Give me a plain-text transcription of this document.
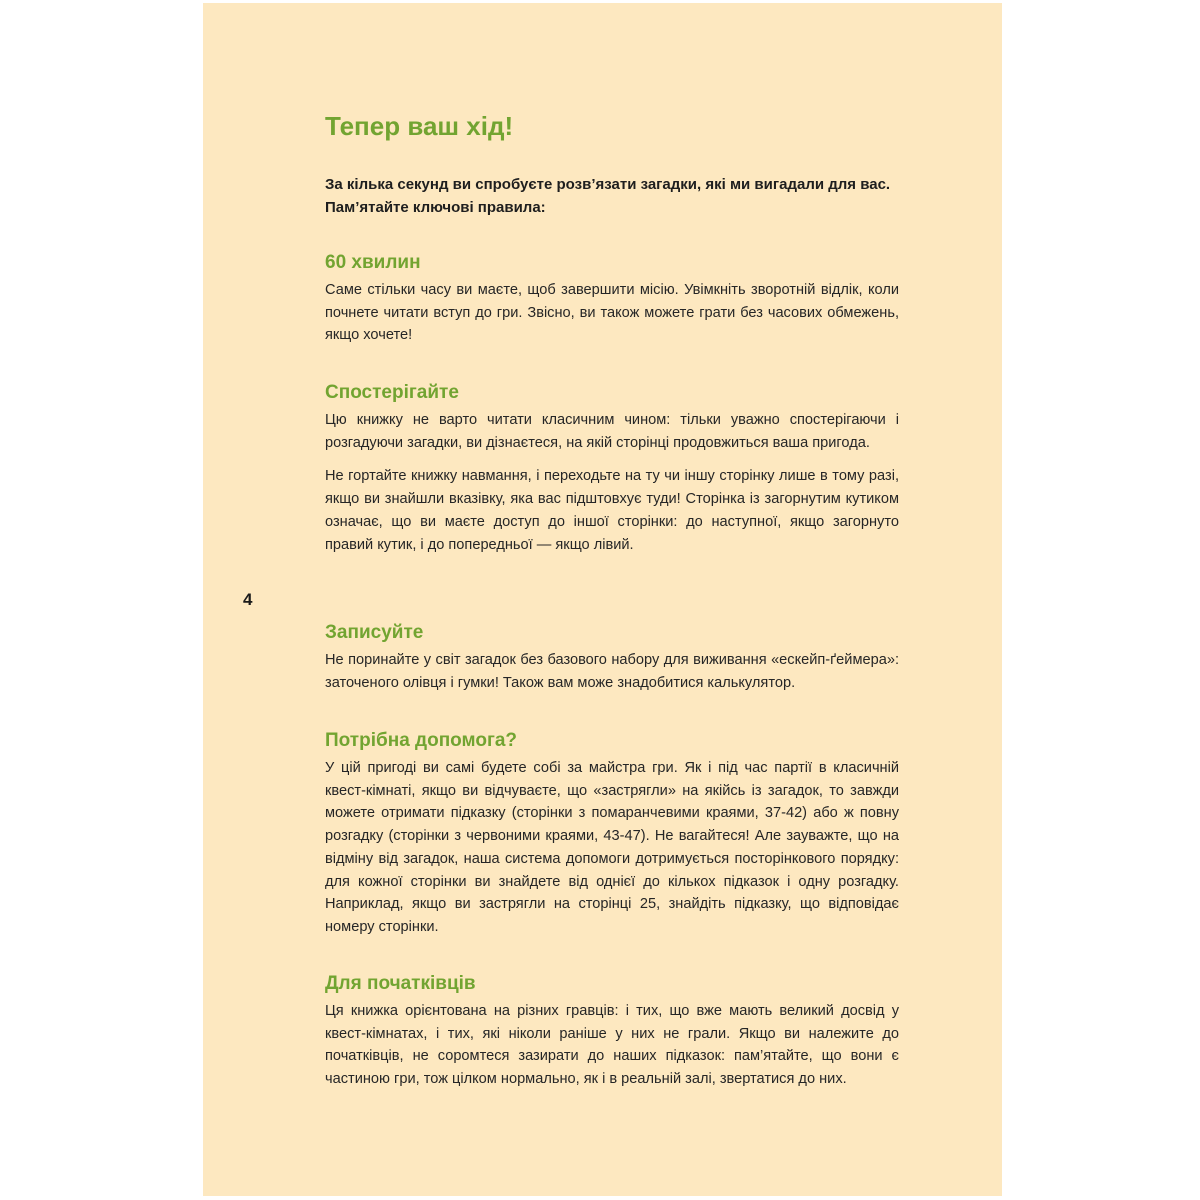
4
Тепер ваш хід!

За кілька секунд ви спробуєте розв’язати загадки, які ми вигадали для вас. Пам’ятайте ключові правила:

60 хвилин

Саме стільки часу ви маєте, щоб завершити місію. Увімкніть зворотній відлік, коли почнете читати вступ до гри. Звісно, ви також можете грати без часових обмежень, якщо хочете!

Спостерігайте

Цю книжку не варто читати класичним чином: тільки уважно спостерігаючи і розгадуючи загадки, ви дізнаєтеся, на якій сторінці продовжиться ваша пригода.

Не гортайте книжку навмання, і переходьте на ту чи іншу сторінку лише в тому разі, якщо ви знайшли вказівку, яка вас підштовхує туди! Сторінка із загорнутим кутиком означає, що ви маєте доступ до іншої сторінки: до наступної, якщо загорнуто правий кутик, і до попередньої — якщо лівий.

Записуйте

Не поринайте у світ загадок без базового набору для виживання «ескейп-ґеймера»: заточеного олівця і гумки! Також вам може знадобитися калькулятор.

Потрібна допомога?

У цій пригоді ви самі будете собі за майстра гри. Як і під час партії в класичній квест-кімнаті, якщо ви відчуваєте, що «застрягли» на якійсь із загадок, то завжди можете отримати підказку (сторінки з помаранчевими краями, 37-42) або ж повну розгадку (сторінки з червоними краями, 43-47). Не вагайтеся! Але зауважте, що на відміну від загадок, наша система допомоги дотримується посторінкового порядку: для кожної сторінки ви знайдете від однієї до кількох підказок і одну розгадку. Наприклад, якщо ви застрягли на сторінці 25, знайдіть підказку, що відповідає номеру сторінки.

Для початківців

Ця книжка орієнтована на різних гравців: і тих, що вже мають великий досвід у квест-кімнатах, і тих, які ніколи раніше у них не грали. Якщо ви належите до початківців, не соромтеся зазирати до наших підказок: пам’ятайте, що вони є частиною гри, тож цілком нормально, як і в реальній залі, звертатися до них.
